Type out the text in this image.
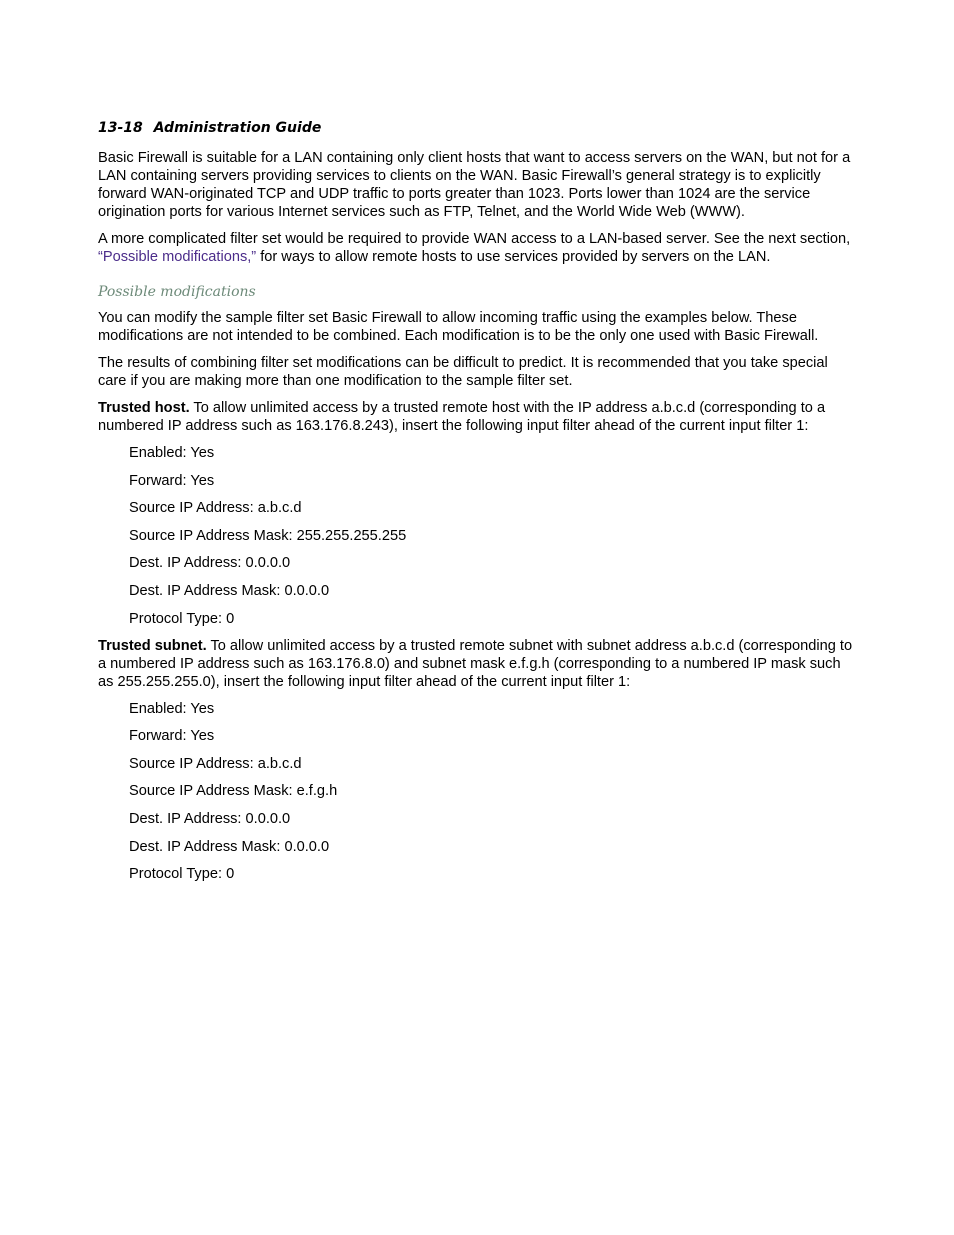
13-18 Administration Guide

Basic Firewall is suitable for a LAN containing only client hosts that want to access servers on the WAN, but not for a LAN containing servers providing services to clients on the WAN. Basic Firewall’s general strategy is to explicitly forward WAN-originated TCP and UDP traffic to ports greater than 1023. Ports lower than 1024 are the service origination ports for various Internet services such as FTP, Telnet, and the World Wide Web (WWW).

A more complicated filter set would be required to provide WAN access to a LAN-based server. See the next section, “Possible modifications,” for ways to allow remote hosts to use services provided by servers on the LAN.

Possible modifications

You can modify the sample filter set Basic Firewall to allow incoming traffic using the examples below. These modifications are not intended to be combined. Each modification is to be the only one used with Basic Firewall.

The results of combining filter set modifications can be difficult to predict. It is recommended that you take special care if you are making more than one modification to the sample filter set.

Trusted host. To allow unlimited access by a trusted remote host with the IP address a.b.c.d (corresponding to a numbered IP address such as 163.176.8.243), insert the following input filter ahead of the current input filter 1:

Enabled: Yes
Forward: Yes
Source IP Address: a.b.c.d
Source IP Address Mask: 255.255.255.255
Dest. IP Address: 0.0.0.0
Dest. IP Address Mask: 0.0.0.0
Protocol Type: 0

Trusted subnet. To allow unlimited access by a trusted remote subnet with subnet address a.b.c.d (corresponding to a numbered IP address such as 163.176.8.0) and subnet mask e.f.g.h (corresponding to a numbered IP mask such as 255.255.255.0), insert the following input filter ahead of the current input filter 1:

Enabled: Yes
Forward: Yes
Source IP Address: a.b.c.d
Source IP Address Mask: e.f.g.h
Dest. IP Address: 0.0.0.0
Dest. IP Address Mask: 0.0.0.0
Protocol Type: 0
